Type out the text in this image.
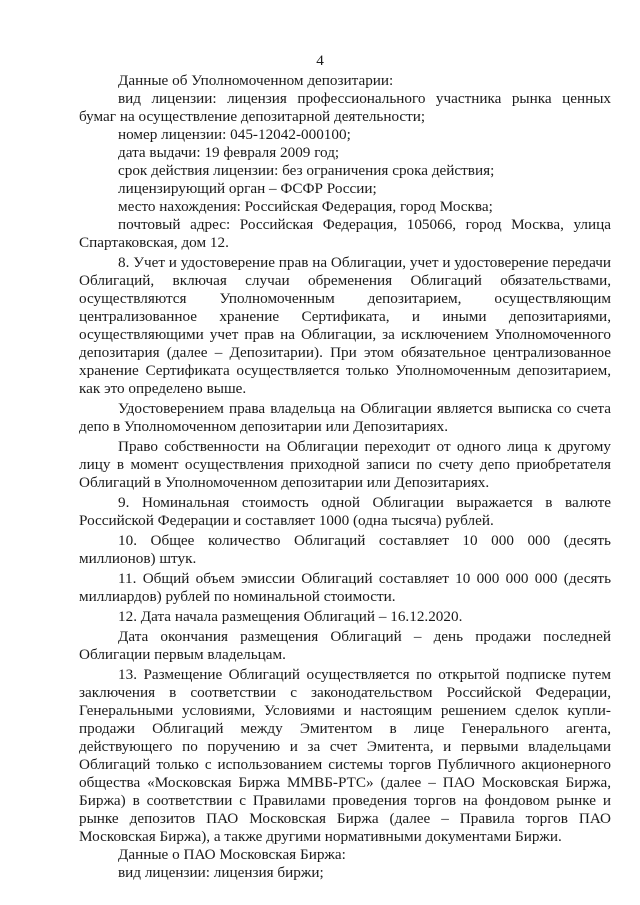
4

Данные об Уполномоченном депозитарии:

вид лицензии: лицензия профессионального участника рынка ценных бумаг на осуществление депозитарной деятельности;

номер лицензии: 045-12042-000100;

дата выдачи: 19 февраля 2009 год;

срок действия лицензии: без ограничения срока действия;

лицензирующий орган – ФСФР России;

место нахождения: Российская Федерация, город Москва;

почтовый адрес: Российская Федерация, 105066, город Москва, улица Спартаковская, дом 12.

8. Учет и удостоверение прав на Облигации, учет и удостоверение передачи Облигаций, включая случаи обременения Облигаций обязательствами, осуществляются Уполномоченным депозитарием, осуществляющим централизованное хранение Сертификата, и иными депозитариями, осуществляющими учет прав на Облигации, за исключением Уполномоченного депозитария (далее – Депозитарии). При этом обязательное централизованное хранение Сертификата осуществляется только Уполномоченным депозитарием, как это определено выше.

Удостоверением права владельца на Облигации является выписка со счета депо в Уполномоченном депозитарии или Депозитариях.

Право собственности на Облигации переходит от одного лица к другому лицу в момент осуществления приходной записи по счету депо приобретателя Облигаций в Уполномоченном депозитарии или Депозитариях.

9. Номинальная стоимость одной Облигации выражается в валюте Российской Федерации и составляет 1000 (одна тысяча) рублей.

10. Общее количество Облигаций составляет 10 000 000 (десять миллионов) штук.

11. Общий объем эмиссии Облигаций составляет 10 000 000 000 (десять миллиардов) рублей по номинальной стоимости.

12. Дата начала размещения Облигаций – 16.12.2020.

Дата окончания размещения Облигаций – день продажи последней Облигации первым владельцам.

13. Размещение Облигаций осуществляется по открытой подписке путем заключения в соответствии с законодательством Российской Федерации, Генеральными условиями, Условиями и настоящим решением сделок купли-продажи Облигаций между Эмитентом в лице Генерального агента, действующего по поручению и за счет Эмитента, и первыми владельцами Облигаций только с использованием системы торгов Публичного акционерного общества «Московская Биржа ММВБ-РТС» (далее – ПАО Московская Биржа, Биржа) в соответствии с Правилами проведения торгов на фондовом рынке и рынке депозитов ПАО Московская Биржа (далее – Правила торгов ПАО Московская Биржа), а также другими нормативными документами Биржи.

Данные о ПАО Московская Биржа:

вид лицензии: лицензия биржи;
